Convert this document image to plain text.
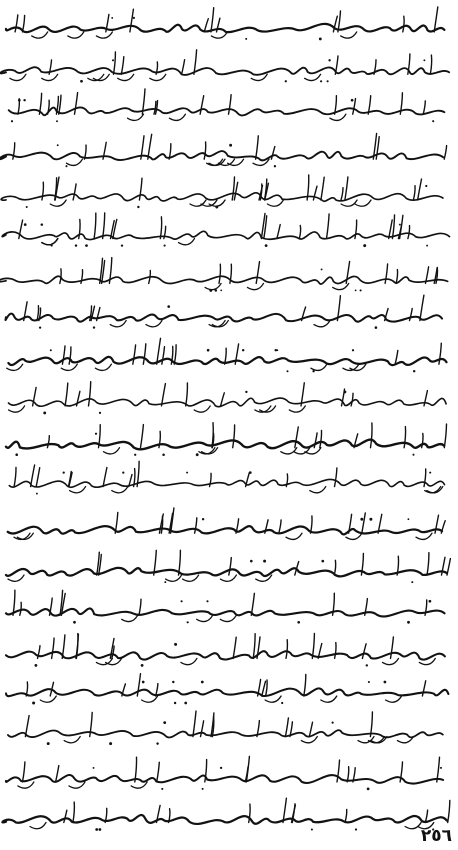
٢٥٦
